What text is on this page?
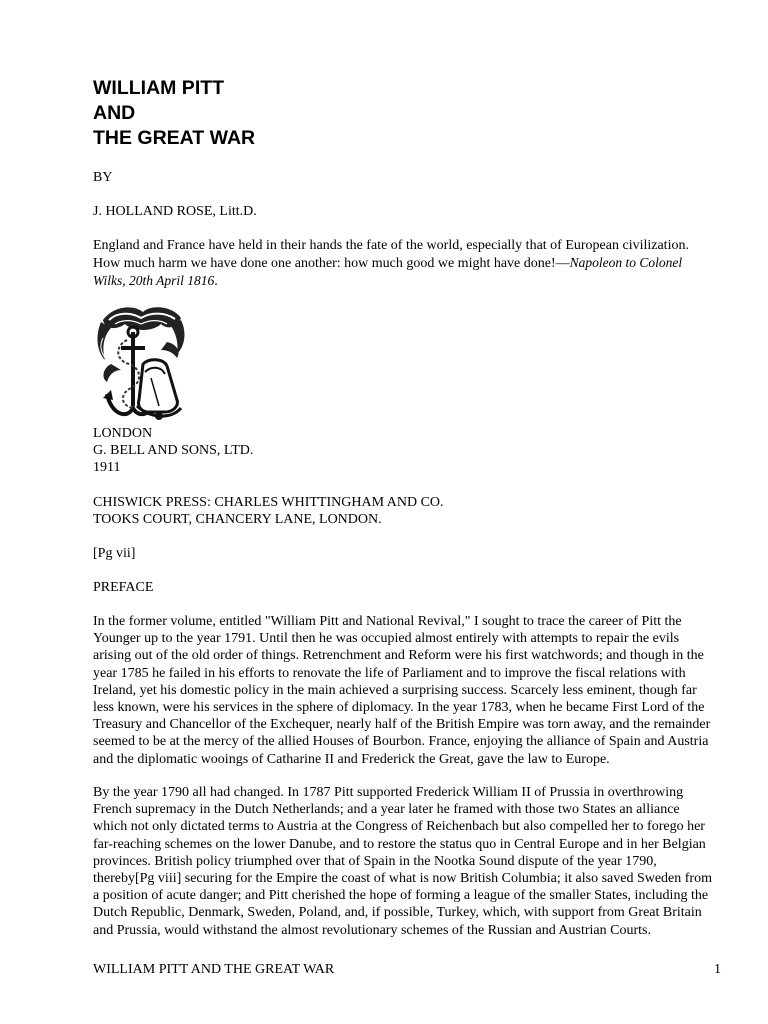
WILLIAM PITT
AND
THE GREAT WAR

BY

J. HOLLAND ROSE, Litt.D.

England and France have held in their hands the fate of the world, especially that of European civilization.
How much harm we have done one another: how much good we might have done!—Napoleon to Colonel
Wilks, 20th April 1816.

LONDON
G. BELL AND SONS, LTD.
1911

CHISWICK PRESS: CHARLES WHITTINGHAM AND CO.
TOOKS COURT, CHANCERY LANE, LONDON.

[Pg vii]

PREFACE

In the former volume, entitled "William Pitt and National Revival," I sought to trace the career of Pitt the
Younger up to the year 1791. Until then he was occupied almost entirely with attempts to repair the evils
arising out of the old order of things. Retrenchment and Reform were his first watchwords; and though in the
year 1785 he failed in his efforts to renovate the life of Parliament and to improve the fiscal relations with
Ireland, yet his domestic policy in the main achieved a surprising success. Scarcely less eminent, though far
less known, were his services in the sphere of diplomacy. In the year 1783, when he became First Lord of the
Treasury and Chancellor of the Exchequer, nearly half of the British Empire was torn away, and the remainder
seemed to be at the mercy of the allied Houses of Bourbon. France, enjoying the alliance of Spain and Austria
and the diplomatic wooings of Catharine II and Frederick the Great, gave the law to Europe.

By the year 1790 all had changed. In 1787 Pitt supported Frederick William II of Prussia in overthrowing
French supremacy in the Dutch Netherlands; and a year later he framed with those two States an alliance
which not only dictated terms to Austria at the Congress of Reichenbach but also compelled her to forego her
far-reaching schemes on the lower Danube, and to restore the status quo in Central Europe and in her Belgian
provinces. British policy triumphed over that of Spain in the Nootka Sound dispute of the year 1790,
thereby[Pg viii] securing for the Empire the coast of what is now British Columbia; it also saved Sweden from
a position of acute danger; and Pitt cherished the hope of forming a league of the smaller States, including the
Dutch Republic, Denmark, Sweden, Poland, and, if possible, Turkey, which, with support from Great Britain
and Prussia, would withstand the almost revolutionary schemes of the Russian and Austrian Courts.

WILLIAM PITT AND THE GREAT WAR	1
